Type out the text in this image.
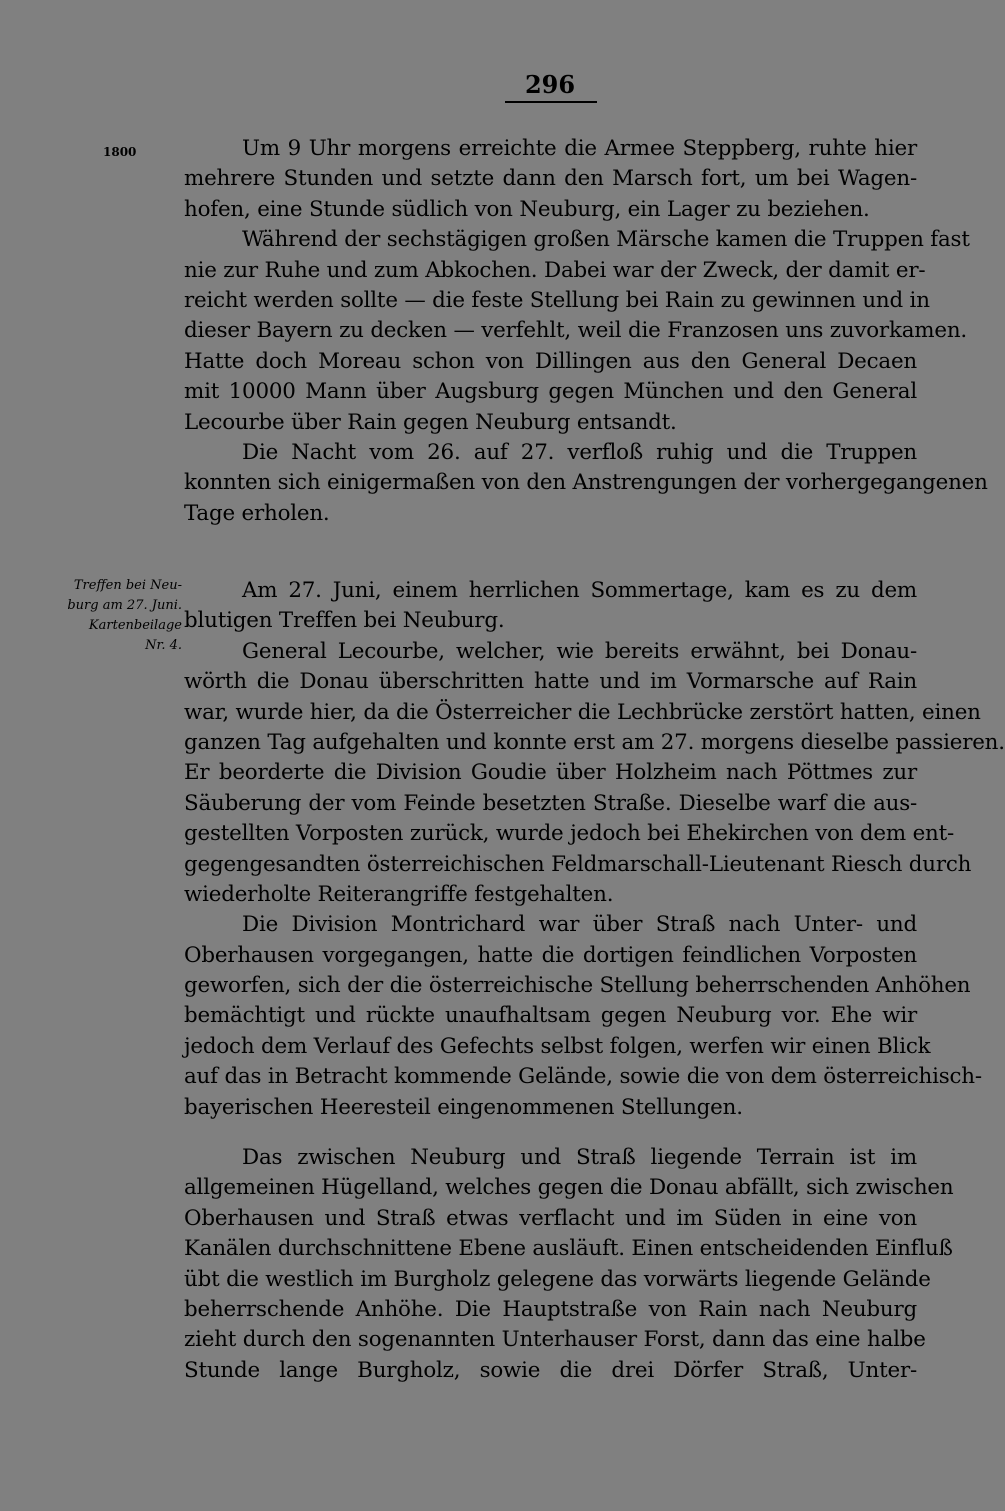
296
1800
Treffen bei Neu-
burg am 27. Juni.
Kartenbeilage
Nr. 4.
Um 9 Uhr morgens erreichte die Armee Steppberg, ruhte hier
mehrere Stunden und setzte dann den Marsch fort, um bei Wagen-
hofen, eine Stunde südlich von Neuburg, ein Lager zu beziehen.
Während der sechstägigen großen Märsche kamen die Truppen fast
nie zur Ruhe und zum Abkochen. Dabei war der Zweck, der damit er-
reicht werden sollte — die feste Stellung bei Rain zu gewinnen und in
dieser Bayern zu decken — verfehlt, weil die Franzosen uns zuvorkamen.
Hatte doch Moreau schon von Dillingen aus den General Decaen
mit 10000 Mann über Augsburg gegen München und den General
Lecourbe über Rain gegen Neuburg entsandt.
Die Nacht vom 26. auf 27. verfloß ruhig und die Truppen
konnten sich einigermaßen von den Anstrengungen der vorhergegangenen
Tage erholen.
Am 27. Juni, einem herrlichen Sommertage, kam es zu dem
blutigen Treffen bei Neuburg.
General Lecourbe, welcher, wie bereits erwähnt, bei Donau-
wörth die Donau überschritten hatte und im Vormarsche auf Rain
war, wurde hier, da die Österreicher die Lechbrücke zerstört hatten, einen
ganzen Tag aufgehalten und konnte erst am 27. morgens dieselbe passieren.
Er beorderte die Division Goudie über Holzheim nach Pöttmes zur
Säuberung der vom Feinde besetzten Straße. Dieselbe warf die aus-
gestellten Vorposten zurück, wurde jedoch bei Ehekirchen von dem ent-
gegengesandten österreichischen Feldmarschall-Lieutenant Riesch durch
wiederholte Reiterangriffe festgehalten.
Die Division Montrichard war über Straß nach Unter- und
Oberhausen vorgegangen, hatte die dortigen feindlichen Vorposten
geworfen, sich der die österreichische Stellung beherrschenden Anhöhen
bemächtigt und rückte unaufhaltsam gegen Neuburg vor. Ehe wir
jedoch dem Verlauf des Gefechts selbst folgen, werfen wir einen Blick
auf das in Betracht kommende Gelände, sowie die von dem österreichisch-
bayerischen Heeresteil eingenommenen Stellungen.
Das zwischen Neuburg und Straß liegende Terrain ist im
allgemeinen Hügelland, welches gegen die Donau abfällt, sich zwischen
Oberhausen und Straß etwas verflacht und im Süden in eine von
Kanälen durchschnittene Ebene ausläuft. Einen entscheidenden Einfluß
übt die westlich im Burgholz gelegene das vorwärts liegende Gelände
beherrschende Anhöhe. Die Hauptstraße von Rain nach Neuburg
zieht durch den sogenannten Unterhauser Forst, dann das eine halbe
Stunde lange Burgholz, sowie die drei Dörfer Straß, Unter-
